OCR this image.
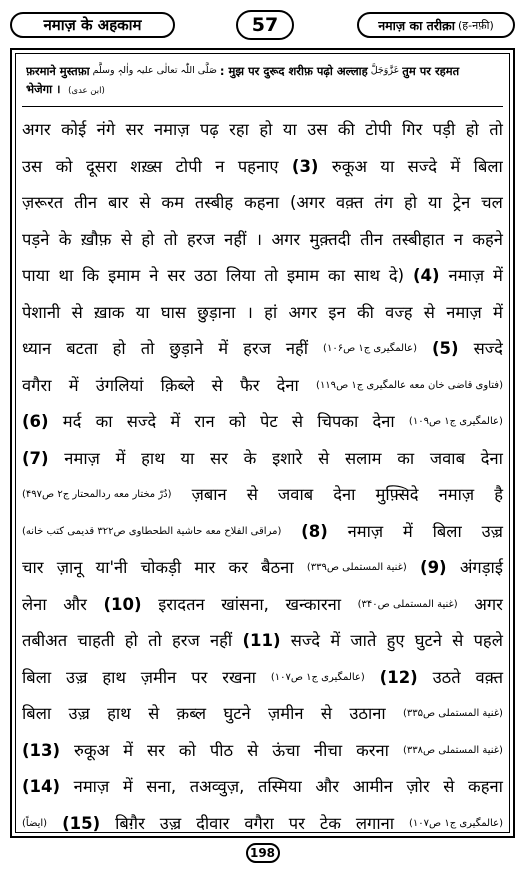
नमाज़ के अहकाम	57	नमाज़ का तरीक़ा (ह-नफ़ी)
फ़रमाने मुस्तफ़ा صَلَّی اللّٰہ تعالٰی علیہ واٰلہٖ وسلَّم : मुझ पर दुरूद शरीफ़ पढ़ो अल्लाह عَزَّوَجَلَّ तुम पर रहमत
भेजेगा । (ابن عدی)
अगर कोई नंगे सर नमाज़ पढ़ रहा हो या उस की टोपी गिर पड़ी हो तो
उस को दूसरा शख़्स टोपी न पहनाए (3) रुकूअ या सज्दे में बिला
ज़रूरत तीन बार से कम तस्बीह कहना (अगर वक़्त तंग हो या ट्रेन चल
पड़ने के ख़ौफ़ से हो तो हरज नहीं । अगर मुक़्तदी तीन तस्बीहात न कहने
पाया था कि इमाम ने सर उठा लिया तो इमाम का साथ दे) (4) नमाज़ में
पेशानी से ख़ाक या घास छुड़ाना । हां अगर इन की वज्ह से नमाज़ में
ध्यान बटता हो तो छुड़ाने में हरज नहीं (عالمگیری ج۱ ص۱۰۶) (5) सज्दे
वगैरा में उंगलियां क़िब्ले से फैर देना (فتاوی قاضی خان معه عالمگیری ج۱ ص۱۱۹)
(6) मर्द का सज्दे में रान को पेट से चिपका देना (عالمگیری ج۱ ص۱۰۹)
(7) नमाज़ में हाथ या सर के इशारे से सलाम का जवाब देना
(دُرّ مختار معه ردالمحتار ج۲ ص۴۹۷) ज़बान से जवाब देना मुफ़्सिदे नमाज़ है
(مراقی الفلاح معه حاشیة الطحطاوی ص۳۲۲ قدیمی کتب خانه) (8) नमाज़ में बिला उज़्र
चार ज़ानू या'नी चोकड़ी मार कर बैठना (غنیة المستملی ص۳۳۹) (9) अंगड़ाई
लेना और (10) इरादतन खांसना, खन्कारना (غنیة المستملی ص۳۴۰) अगर
तबीअत चाहती हो तो हरज नहीं (11) सज्दे में जाते हुए घुटने से पहले
बिला उज़्र हाथ ज़मीन पर रखना (عالمگیری ج۱ ص۱۰۷) (12) उठते वक़्त
बिला उज़्र हाथ से क़ब्ल घुटने ज़मीन से उठाना (غنیة المستملی ص۳۳۵)
(13) रुकूअ में सर को पीठ से ऊंचा नीचा करना (غنیة المستملی ص۳۳۸)
(14) नमाज़ में सना, तअव्वुज़, तस्मिया और आमीन ज़ोर से कहना
(ایضاً) (15) बिग़ैर उज़्र दीवार वगैरा पर टेक लगाना (عالمگیری ج۱ ص۱۰۷)
198
